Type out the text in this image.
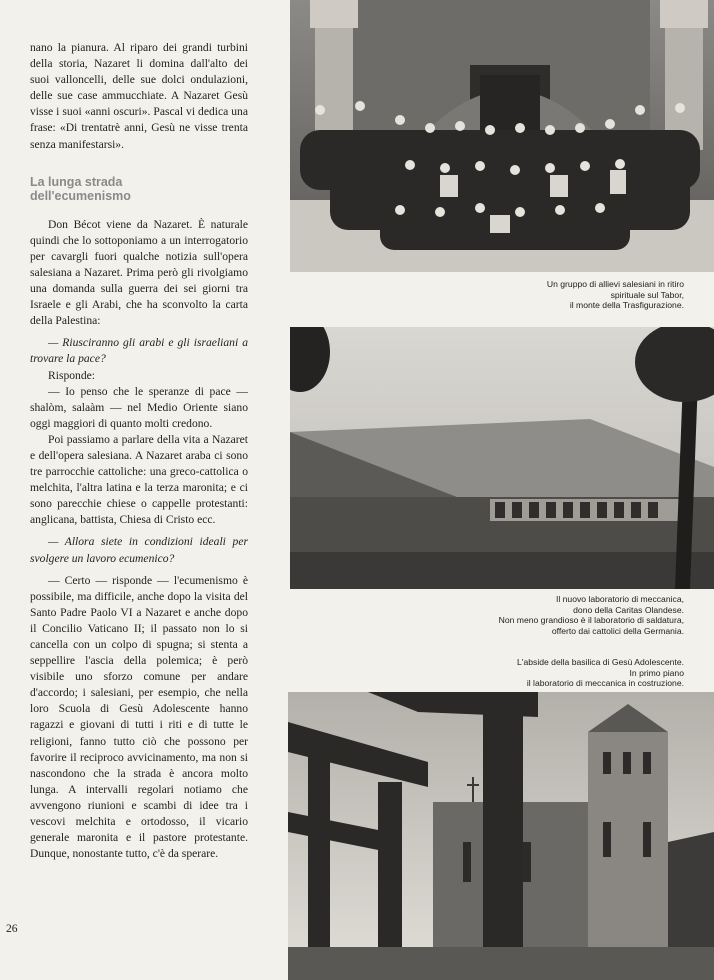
nano la pianura. Al riparo dei grandi turbini della storia, Nazaret li domina dall'alto dei suoi valloncelli, delle sue dolci ondulazioni, delle sue case ammucchiate. A Nazaret Gesù visse i suoi «anni oscuri». Pascal vi dedica una frase: «Di trentatrè anni, Gesù ne visse trenta senza manifestarsi».

La lunga strada
dell'ecumenismo

Don Bécot viene da Nazaret. È naturale quindi che lo sottoponiamo a un interrogatorio per cavargli fuori qualche notizia sull'opera salesiana a Nazaret. Prima però gli rivolgiamo una domanda sulla guerra dei sei giorni tra Israele e gli Arabi, che ha sconvolto la carta della Palestina:

— Riusciranno gli arabi e gli israeliani a trovare la pace?

Risponde:

— Io penso che le speranze di pace — shalòm, salaàm — nel Medio Oriente siano oggi maggiori di quanto molti credono.

Poi passiamo a parlare della vita a Nazaret e dell'opera salesiana. A Nazaret araba ci sono tre parrocchie cattoliche: una greco-cattolica o melchita, l'altra latina e la terza maronita; e ci sono parecchie chiese o cappelle protestanti: anglicana, battista, Chiesa di Cristo ecc.

— Allora siete in condizioni ideali per svolgere un lavoro ecumenico?

— Certo — risponde — l'ecumenismo è possibile, ma difficile, anche dopo la visita del Santo Padre Paolo VI a Nazaret e anche dopo il Concilio Vaticano II; il passato non lo si cancella con un colpo di spugna; si stenta a seppellire l'ascia della polemica; è però visibile uno sforzo comune per andare d'accordo; i salesiani, per esempio, che nella loro Scuola di Gesù Adolescente hanno ragazzi e giovani di tutti i riti e di tutte le religioni, fanno tutto ciò che possono per favorire il reciproco avvicinamento, ma non si nascondono che la strada è ancora molto lunga. A intervalli regolari notiamo che avvengono riunioni e scambi di idee tra i vescovi melchita e ortodosso, il vicario generale maronita e il pastore protestante. Dunque, nonostante tutto, c'è da sperare.

26
Un gruppo di allievi salesiani in ritiro
spirituale sul Tabor,
il monte della Trasfigurazione.
Il nuovo laboratorio di meccanica,
dono della Caritas Olandese.
Non meno grandioso è il laboratorio di saldatura,
offerto dai cattolici della Germania.
L'abside della basilica di Gesù Adolescente.
In primo piano
il laboratorio di meccanica in costruzione.
